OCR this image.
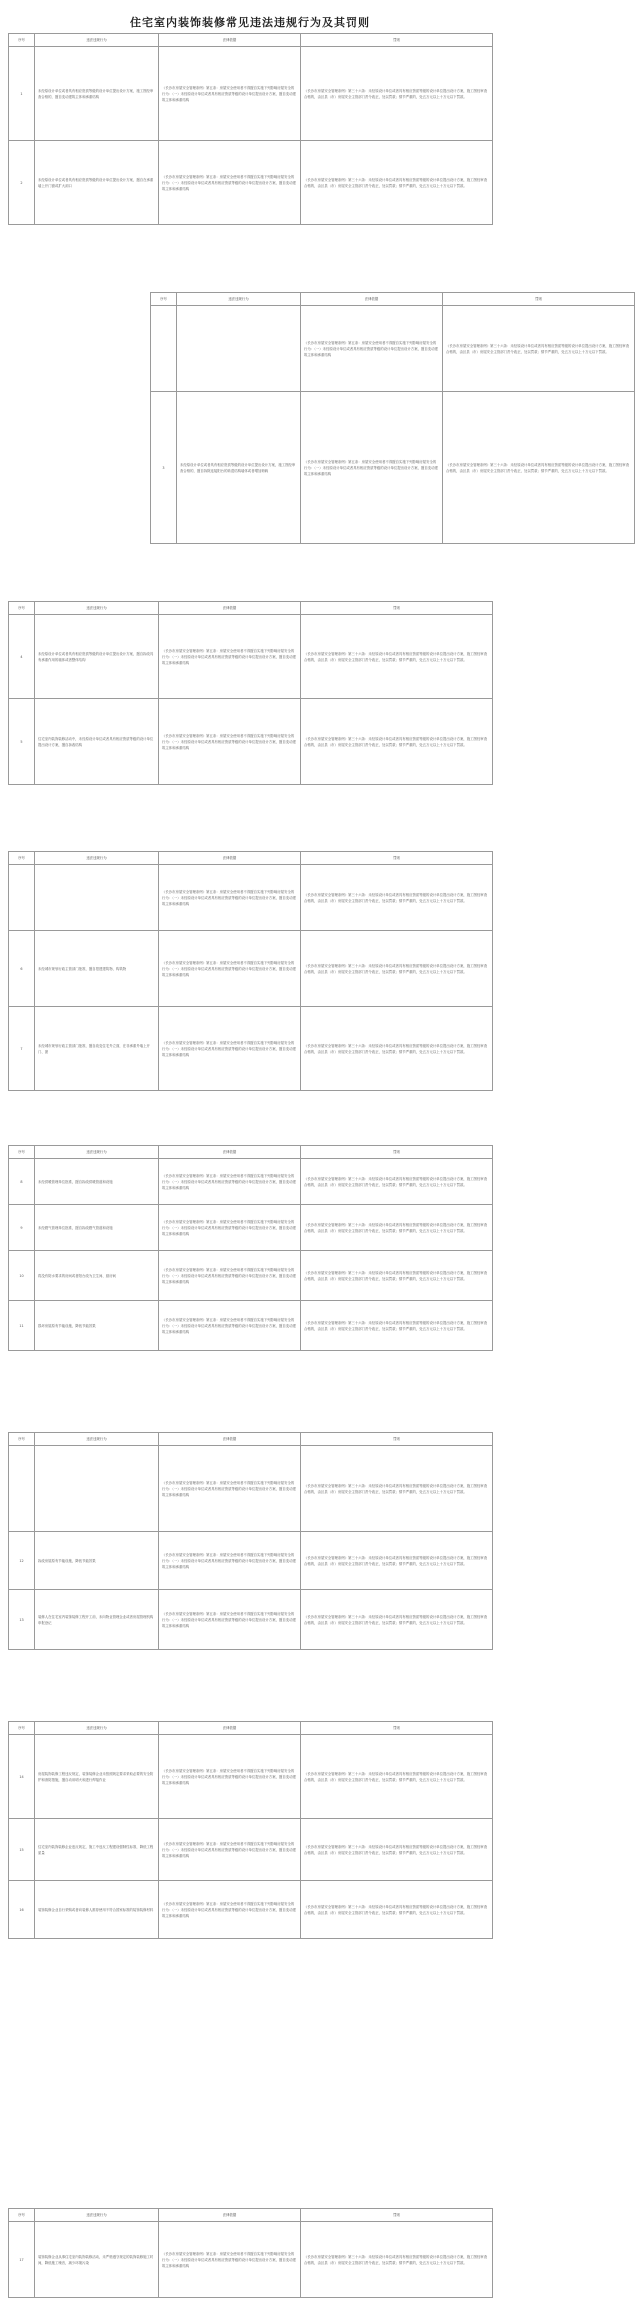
住宅室内装饰装修常见违法违规行为及其罚则
序号	违法违规行为	法律依据	罚则
1	未经原设计单位或者具有相应资质等级的设计单位提出设计方案，施工图经审查合格的，擅自变动建筑主体和承重结构	《长沙市房屋安全管理条例》第五条：房屋安全使用者不得擅自实施下列影响房屋安全的行为：（一）未经原设计单位或者具有相应资质等级的设计单位提出设计方案，擅自变动建筑主体和承重结构	《长沙市房屋安全管理条例》第三十六条：未经原设计单位或者具有相应资质等级的设计单位提出设计方案，施工图经审查合格的，由区县（市）房屋安全主管部门责令改正，处以罚款；情节严重的，处五万元以上十万元以下罚款。
2	未经原设计单位或者具有相应资质等级的设计单位提出设计方案，擅自在承重墙上开门窗或扩大洞口	《长沙市房屋安全管理条例》第五条：房屋安全使用者不得擅自实施下列影响房屋安全的行为：（一）未经原设计单位或者具有相应资质等级的设计单位提出设计方案，擅自变动建筑主体和承重结构	《长沙市房屋安全管理条例》第三十六条：未经原设计单位或者具有相应资质等级的设计单位提出设计方案，施工图经审查合格的，由区县（市）房屋安全主管部门责令改正，处以罚款；情节严重的，处五万元以上十万元以下罚款。
序号	违法违规行为	法律依据	罚则
		《长沙市房屋安全管理条例》第五条：房屋安全使用者不得擅自实施下列影响房屋安全的行为：（一）未经原设计单位或者具有相应资质等级的设计单位提出设计方案，擅自变动建筑主体和承重结构	《长沙市房屋安全管理条例》第三十六条：未经原设计单位或者具有相应资质等级的设计单位提出设计方案，施工图经审查合格的，由区县（市）房屋安全主管部门责令改正，处以罚款；情节严重的，处五万元以上十万元以下罚款。
3	未经原设计单位或者具有相应资质等级的设计单位提出设计方案，施工图经审查合格的，擅自拆除连接阳台的砖混结构墙体或者增加荷载	《长沙市房屋安全管理条例》第五条：房屋安全使用者不得擅自实施下列影响房屋安全的行为：（一）未经原设计单位或者具有相应资质等级的设计单位提出设计方案，擅自变动建筑主体和承重结构	《长沙市房屋安全管理条例》第三十六条：未经原设计单位或者具有相应资质等级的设计单位提出设计方案，施工图经审查合格的，由区县（市）房屋安全主管部门责令改正，处以罚款；情节严重的，处五万元以上十万元以下罚款。
序号	违法违规行为	法律依据	罚则
4	未经原设计单位或者具有相应资质等级的设计单位提出设计方案，擅自拆改具有承重作用的墙体或者整体结构	《长沙市房屋安全管理条例》第五条：房屋安全使用者不得擅自实施下列影响房屋安全的行为：（一）未经原设计单位或者具有相应资质等级的设计单位提出设计方案，擅自变动建筑主体和承重结构	《长沙市房屋安全管理条例》第三十六条：未经原设计单位或者具有相应资质等级的设计单位提出设计方案，施工图经审查合格的，由区县（市）房屋安全主管部门责令改正，处以罚款；情节严重的，处五万元以上十万元以下罚款。
5	住宅室内装饰装修活动中，未经原设计单位或者具有相应资质等级的设计单位提出设计方案，擅自拆改结构	《长沙市房屋安全管理条例》第五条：房屋安全使用者不得擅自实施下列影响房屋安全的行为：（一）未经原设计单位或者具有相应资质等级的设计单位提出设计方案，擅自变动建筑主体和承重结构	《长沙市房屋安全管理条例》第三十六条：未经原设计单位或者具有相应资质等级的设计单位提出设计方案，施工图经审查合格的，由区县（市）房屋安全主管部门责令改正，处以罚款；情节严重的，处五万元以上十万元以下罚款。
序号	违法违规行为	法律依据	罚则
		《长沙市房屋安全管理条例》第五条：房屋安全使用者不得擅自实施下列影响房屋安全的行为：（一）未经原设计单位或者具有相应资质等级的设计单位提出设计方案，擅自变动建筑主体和承重结构	《长沙市房屋安全管理条例》第三十六条：未经原设计单位或者具有相应资质等级的设计单位提出设计方案，施工图经审查合格的，由区县（市）房屋安全主管部门责令改正，处以罚款；情节严重的，处五万元以上十万元以下罚款。
6	未经城市规划行政主管部门批准，擅自搭建建筑物、构筑物	《长沙市房屋安全管理条例》第五条：房屋安全使用者不得擅自实施下列影响房屋安全的行为：（一）未经原设计单位或者具有相应资质等级的设计单位提出设计方案，擅自变动建筑主体和承重结构	《长沙市房屋安全管理条例》第三十六条：未经原设计单位或者具有相应资质等级的设计单位提出设计方案，施工图经审查合格的，由区县（市）房屋安全主管部门责令改正，处以罚款；情节严重的，处五万元以上十万元以下罚款。
7	未经城市规划行政主管部门批准，擅自改变住宅外立面，在非承重外墙上开门、窗	《长沙市房屋安全管理条例》第五条：房屋安全使用者不得擅自实施下列影响房屋安全的行为：（一）未经原设计单位或者具有相应资质等级的设计单位提出设计方案，擅自变动建筑主体和承重结构	《长沙市房屋安全管理条例》第三十六条：未经原设计单位或者具有相应资质等级的设计单位提出设计方案，施工图经审查合格的，由区县（市）房屋安全主管部门责令改正，处以罚款；情节严重的，处五万元以上十万元以下罚款。
序号	违法违规行为	法律依据	罚则
8	未经供暖管理单位批准，擅自拆改供暖管道和设施	《长沙市房屋安全管理条例》第五条：房屋安全使用者不得擅自实施下列影响房屋安全的行为：（一）未经原设计单位或者具有相应资质等级的设计单位提出设计方案，擅自变动建筑主体和承重结构	《长沙市房屋安全管理条例》第三十六条：未经原设计单位或者具有相应资质等级的设计单位提出设计方案，施工图经审查合格的，由区县（市）房屋安全主管部门责令改正，处以罚款；情节严重的，处五万元以上十万元以下罚款。
9	未经燃气管理单位批准，擅自拆改燃气管道和设施	《长沙市房屋安全管理条例》第五条：房屋安全使用者不得擅自实施下列影响房屋安全的行为：（一）未经原设计单位或者具有相应资质等级的设计单位提出设计方案，擅自变动建筑主体和承重结构	《长沙市房屋安全管理条例》第三十六条：未经原设计单位或者具有相应资质等级的设计单位提出设计方案，施工图经审查合格的，由区县（市）房屋安全主管部门责令改正，处以罚款；情节严重的，处五万元以上十万元以下罚款。
10	将没有防水要求的房间或者阳台改为卫生间、厨房间	《长沙市房屋安全管理条例》第五条：房屋安全使用者不得擅自实施下列影响房屋安全的行为：（一）未经原设计单位或者具有相应资质等级的设计单位提出设计方案，擅自变动建筑主体和承重结构	《长沙市房屋安全管理条例》第三十六条：未经原设计单位或者具有相应资质等级的设计单位提出设计方案，施工图经审查合格的，由区县（市）房屋安全主管部门责令改正，处以罚款；情节严重的，处五万元以上十万元以下罚款。
11	损坏房屋原有节能设施，降低节能效果	《长沙市房屋安全管理条例》第五条：房屋安全使用者不得擅自实施下列影响房屋安全的行为：（一）未经原设计单位或者具有相应资质等级的设计单位提出设计方案，擅自变动建筑主体和承重结构	《长沙市房屋安全管理条例》第三十六条：未经原设计单位或者具有相应资质等级的设计单位提出设计方案，施工图经审查合格的，由区县（市）房屋安全主管部门责令改正，处以罚款；情节严重的，处五万元以上十万元以下罚款。
序号	违法违规行为	法律依据	罚则
		《长沙市房屋安全管理条例》第五条：房屋安全使用者不得擅自实施下列影响房屋安全的行为：（一）未经原设计单位或者具有相应资质等级的设计单位提出设计方案，擅自变动建筑主体和承重结构	《长沙市房屋安全管理条例》第三十六条：未经原设计单位或者具有相应资质等级的设计单位提出设计方案，施工图经审查合格的，由区县（市）房屋安全主管部门责令改正，处以罚款；情节严重的，处五万元以上十万元以下罚款。
12	拆改房屋原有节能设施，降低节能效果	《长沙市房屋安全管理条例》第五条：房屋安全使用者不得擅自实施下列影响房屋安全的行为：（一）未经原设计单位或者具有相应资质等级的设计单位提出设计方案，擅自变动建筑主体和承重结构	《长沙市房屋安全管理条例》第三十六条：未经原设计单位或者具有相应资质等级的设计单位提出设计方案，施工图经审查合格的，由区县（市）房屋安全主管部门责令改正，处以罚款；情节严重的，处五万元以上十万元以下罚款。
13	装修人在住宅室内装饰装修工程开工前，未向物业管理企业或者房屋管理机构申报登记	《长沙市房屋安全管理条例》第五条：房屋安全使用者不得擅自实施下列影响房屋安全的行为：（一）未经原设计单位或者具有相应资质等级的设计单位提出设计方案，擅自变动建筑主体和承重结构	《长沙市房屋安全管理条例》第三十六条：未经原设计单位或者具有相应资质等级的设计单位提出设计方案，施工图经审查合格的，由区县（市）房屋安全主管部门责令改正，处以罚款；情节严重的，处五万元以上十万元以下罚款。
序号	违法违规行为	法律依据	罚则
14	房屋装饰装修工程违反规定，装饰装修企业未按照规定要求采取必要的安全防护和消防措施，擅自动用明火和进行焊接作业	《长沙市房屋安全管理条例》第五条：房屋安全使用者不得擅自实施下列影响房屋安全的行为：（一）未经原设计单位或者具有相应资质等级的设计单位提出设计方案，擅自变动建筑主体和承重结构	《长沙市房屋安全管理条例》第三十六条：未经原设计单位或者具有相应资质等级的设计单位提出设计方案，施工图经审查合格的，由区县（市）房屋安全主管部门责令改正，处以罚款；情节严重的，处五万元以上十万元以下罚款。
15	住宅室内装饰装修企业违反规定，施工中违反工程建设强制性标准，降低工程质量	《长沙市房屋安全管理条例》第五条：房屋安全使用者不得擅自实施下列影响房屋安全的行为：（一）未经原设计单位或者具有相应资质等级的设计单位提出设计方案，擅自变动建筑主体和承重结构	《长沙市房屋安全管理条例》第三十六条：未经原设计单位或者具有相应资质等级的设计单位提出设计方案，施工图经审查合格的，由区县（市）房屋安全主管部门责令改正，处以罚款；情节严重的，处五万元以上十万元以下罚款。
16	装饰装修企业自行采购或者向装修人推荐使用不符合国家标准的装饰装修材料	《长沙市房屋安全管理条例》第五条：房屋安全使用者不得擅自实施下列影响房屋安全的行为：（一）未经原设计单位或者具有相应资质等级的设计单位提出设计方案，擅自变动建筑主体和承重结构	《长沙市房屋安全管理条例》第三十六条：未经原设计单位或者具有相应资质等级的设计单位提出设计方案，施工图经审查合格的，由区县（市）房屋安全主管部门责令改正，处以罚款；情节严重的，处五万元以上十万元以下罚款。
序号	违法违规行为	法律依据	罚则
17	装饰装修企业从事住宅室内装饰装修活动，未严格遵守规定的装饰装修施工时间，降低施工噪音，减少环境污染	《长沙市房屋安全管理条例》第五条：房屋安全使用者不得擅自实施下列影响房屋安全的行为：（一）未经原设计单位或者具有相应资质等级的设计单位提出设计方案，擅自变动建筑主体和承重结构	《长沙市房屋安全管理条例》第三十六条：未经原设计单位或者具有相应资质等级的设计单位提出设计方案，施工图经审查合格的，由区县（市）房屋安全主管部门责令改正，处以罚款；情节严重的，处五万元以上十万元以下罚款。
